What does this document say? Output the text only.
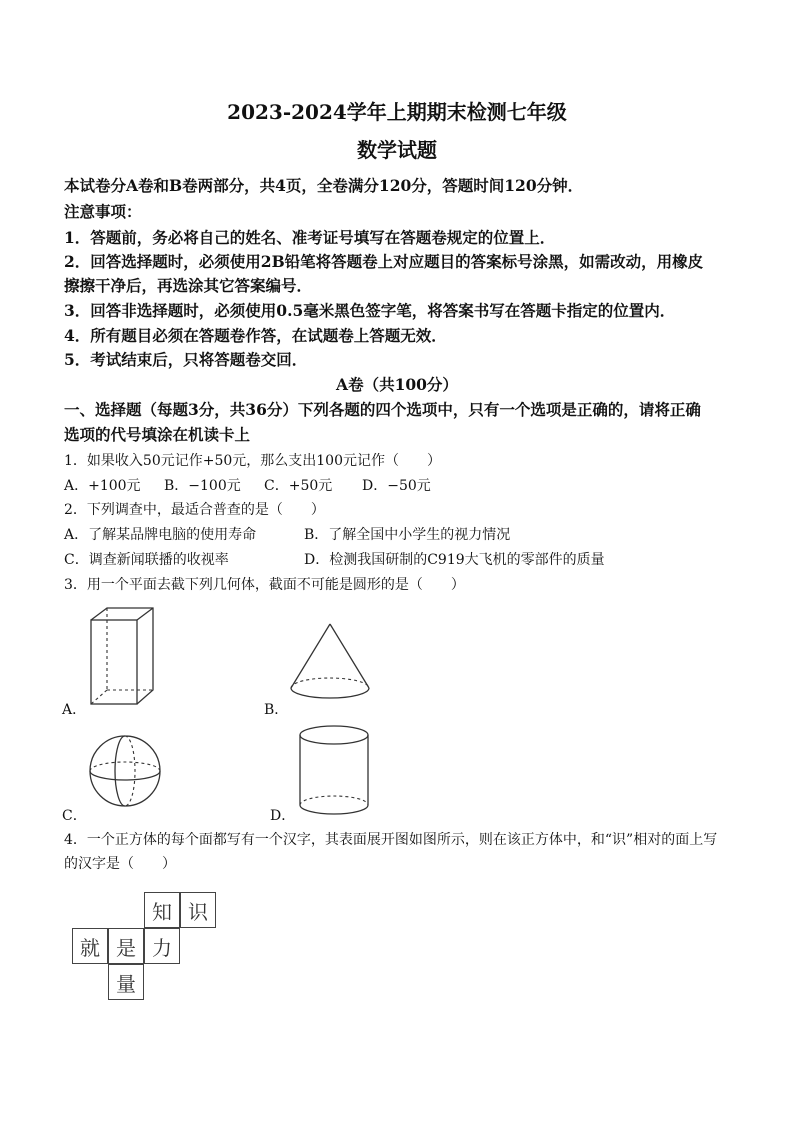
2023-2024学年上期期末检测七年级
数学试题
本试卷分A卷和B卷两部分，共4页，全卷满分120分，答题时间120分钟．
注意事项：
1．答题前，务必将自己的姓名、准考证号填写在答题卷规定的位置上．
2．回答选择题时，必须使用2B铅笔将答题卷上对应题目的答案标号涂黑，如需改动，用橡皮
擦擦干净后，再选涂其它答案编号．
3．回答非选择题时，必须使用0.5毫米黑色签字笔，将答案书写在答题卡指定的位置内．
4．所有题目必须在答题卷作答，在试题卷上答题无效．
5．考试结束后，只将答题卷交回．
A卷（共100分）
一、选择题（每题3分，共36分）下列各题的四个选项中，只有一个选项是正确的，请将正确
选项的代号填涂在机读卡上
1．如果收入50元记作+50元，那么支出100元记作（　　）
A．+100元 B．−100元 C．+50元 D．−50元
2．下列调查中，最适合普查的是（　　）
A．了解某品牌电脑的使用寿命	B．了解全国中小学生的视力情况
C．调查新闻联播的收视率	D．检测我国研制的C919大飞机的零部件的质量
3．用一个平面去截下列几何体，截面不可能是圆形的是（　　）
A．	B．
C．	D．
4．一个正方体的每个面都写有一个汉字，其表面展开图如图所示，则在该正方体中，和“识”相对的面上写
的汉字是（　　）
知 识
就 是 力
量
